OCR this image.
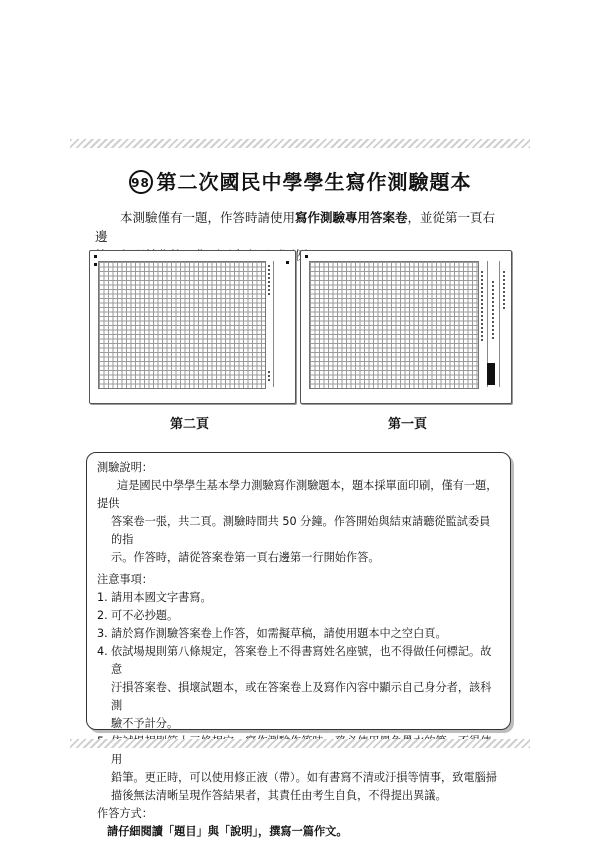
98 第二次國民中學學生寫作測驗題本

本測驗僅有一題，作答時請使用寫作測驗專用答案卷，並從第一頁右邊

第二頁	第一頁

測驗說明：

這是國民中學學生基本學力測驗寫作測驗題本，題本採單面印刷，僅有一題，提供

答案卷一張，共二頁。測驗時間共 50 分鐘。作答開始與結束請聽從監試委員的指

示。作答時，請從答案卷第一頁右邊第一行開始作答。

注意事項：

1. 請用本國文字書寫。
2. 可不必抄題。
3. 請於寫作測驗答案卷上作答，如需擬草稿，請使用題本中之空白頁。
4. 依試場規則第八條規定，答案卷上不得書寫姓名座號，也不得做任何標記。故意
汙損答案卷、損壞試題本，或在答案卷上及寫作內容中顯示自己身分者，該科測
驗不予計分。
用
鉛筆。更正時，可以使用修正液（帶）。如有書寫不清或汙損等情事，致電腦掃
描後無法清晰呈現作答結果者，其責任由考生自負，不得提出異議。

作答方式：

請仔細閱讀「題目」與「說明」，撰寫一篇作文。
